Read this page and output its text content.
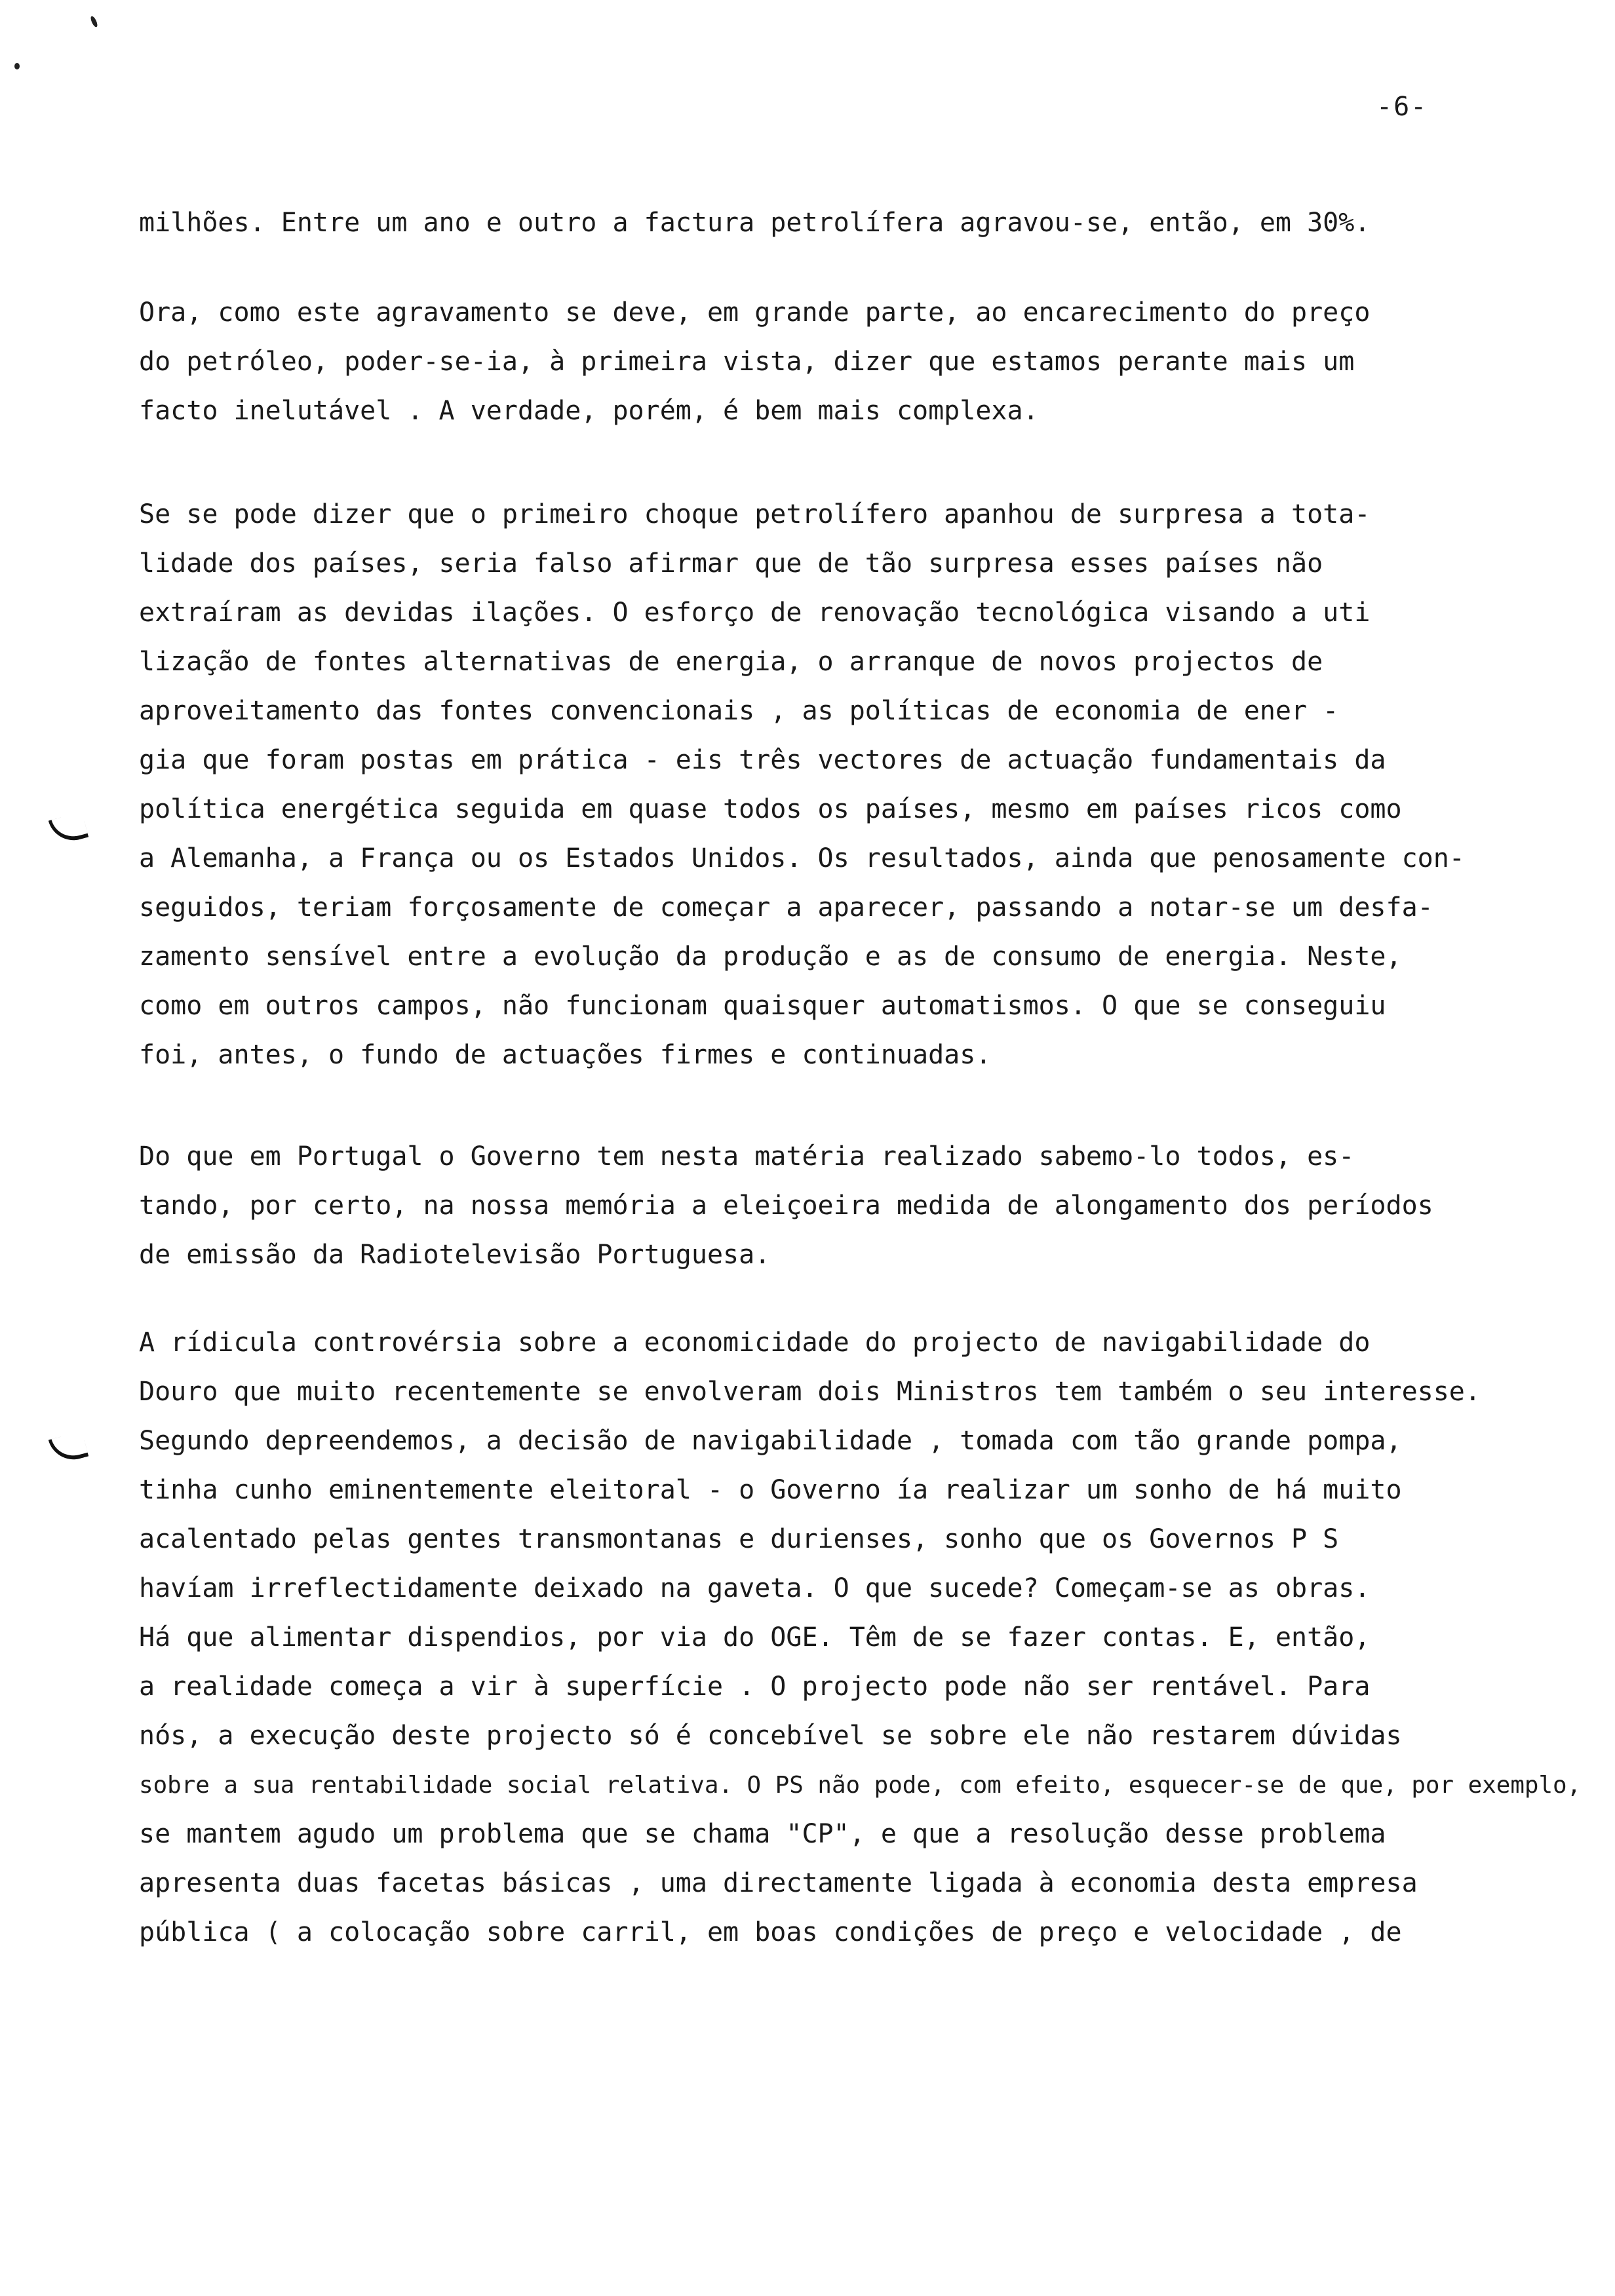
-6-
milhões. Entre um ano e outro a factura petrolífera agravou-se, então, em 30%.
Ora, como este agravamento se deve, em grande parte, ao encarecimento do preço
do petróleo, poder-se-ia, à primeira vista, dizer que estamos perante mais um
facto inelutável . A verdade, porém, é bem mais complexa.
Se se pode dizer que o primeiro choque petrolífero apanhou de surpresa a tota-
lidade dos países, seria falso afirmar que de tão surpresa esses países não
extraíram as devidas ilações. O esforço de renovação tecnológica visando a uti
lização de fontes alternativas de energia, o arranque de novos projectos de
aproveitamento das fontes convencionais , as políticas de economia de ener -
gia que foram postas em prática - eis três vectores de actuação fundamentais da
política energética seguida em quase todos os países, mesmo em países ricos como
a Alemanha, a França ou os Estados Unidos. Os resultados, ainda que penosamente con-
seguidos, teriam forçosamente de começar a aparecer, passando a notar-se um desfa-
zamento sensível entre a evolução da produção e as de consumo de energia. Neste,
como em outros campos, não funcionam quaisquer automatismos. O que se conseguiu
foi, antes, o fundo de actuações firmes e continuadas.
Do que em Portugal o Governo tem nesta matéria realizado sabemo-lo todos, es-
tando, por certo, na nossa memória a eleiçoeira medida de alongamento dos períodos
de emissão da Radiotelevisão Portuguesa.
A rídicula controvérsia sobre a economicidade do projecto de navigabilidade do
Douro que muito recentemente se envolveram dois Ministros tem também o seu interesse.
Segundo depreendemos, a decisão de navigabilidade , tomada com tão grande pompa,
tinha cunho eminentemente eleitoral - o Governo ía realizar um sonho de há muito
acalentado pelas gentes transmontanas e durienses, sonho que os Governos P S
havíam irreflectidamente deixado na gaveta. O que sucede? Começam-se as obras.
Há que alimentar dispendios, por via do OGE. Têm de se fazer contas. E, então,
a realidade começa a vir à superfície . O projecto pode não ser rentável. Para
nós, a execução deste projecto só é concebível se sobre ele não restarem dúvidas
sobre a sua rentabilidade social relativa. O PS não pode, com efeito, esquecer-se de que, por exemplo,
se mantem agudo um problema que se chama "CP", e que a resolução desse problema
apresenta duas facetas básicas , uma directamente ligada à economia desta empresa
pública ( a colocação sobre carril, em boas condições de preço e velocidade , de
